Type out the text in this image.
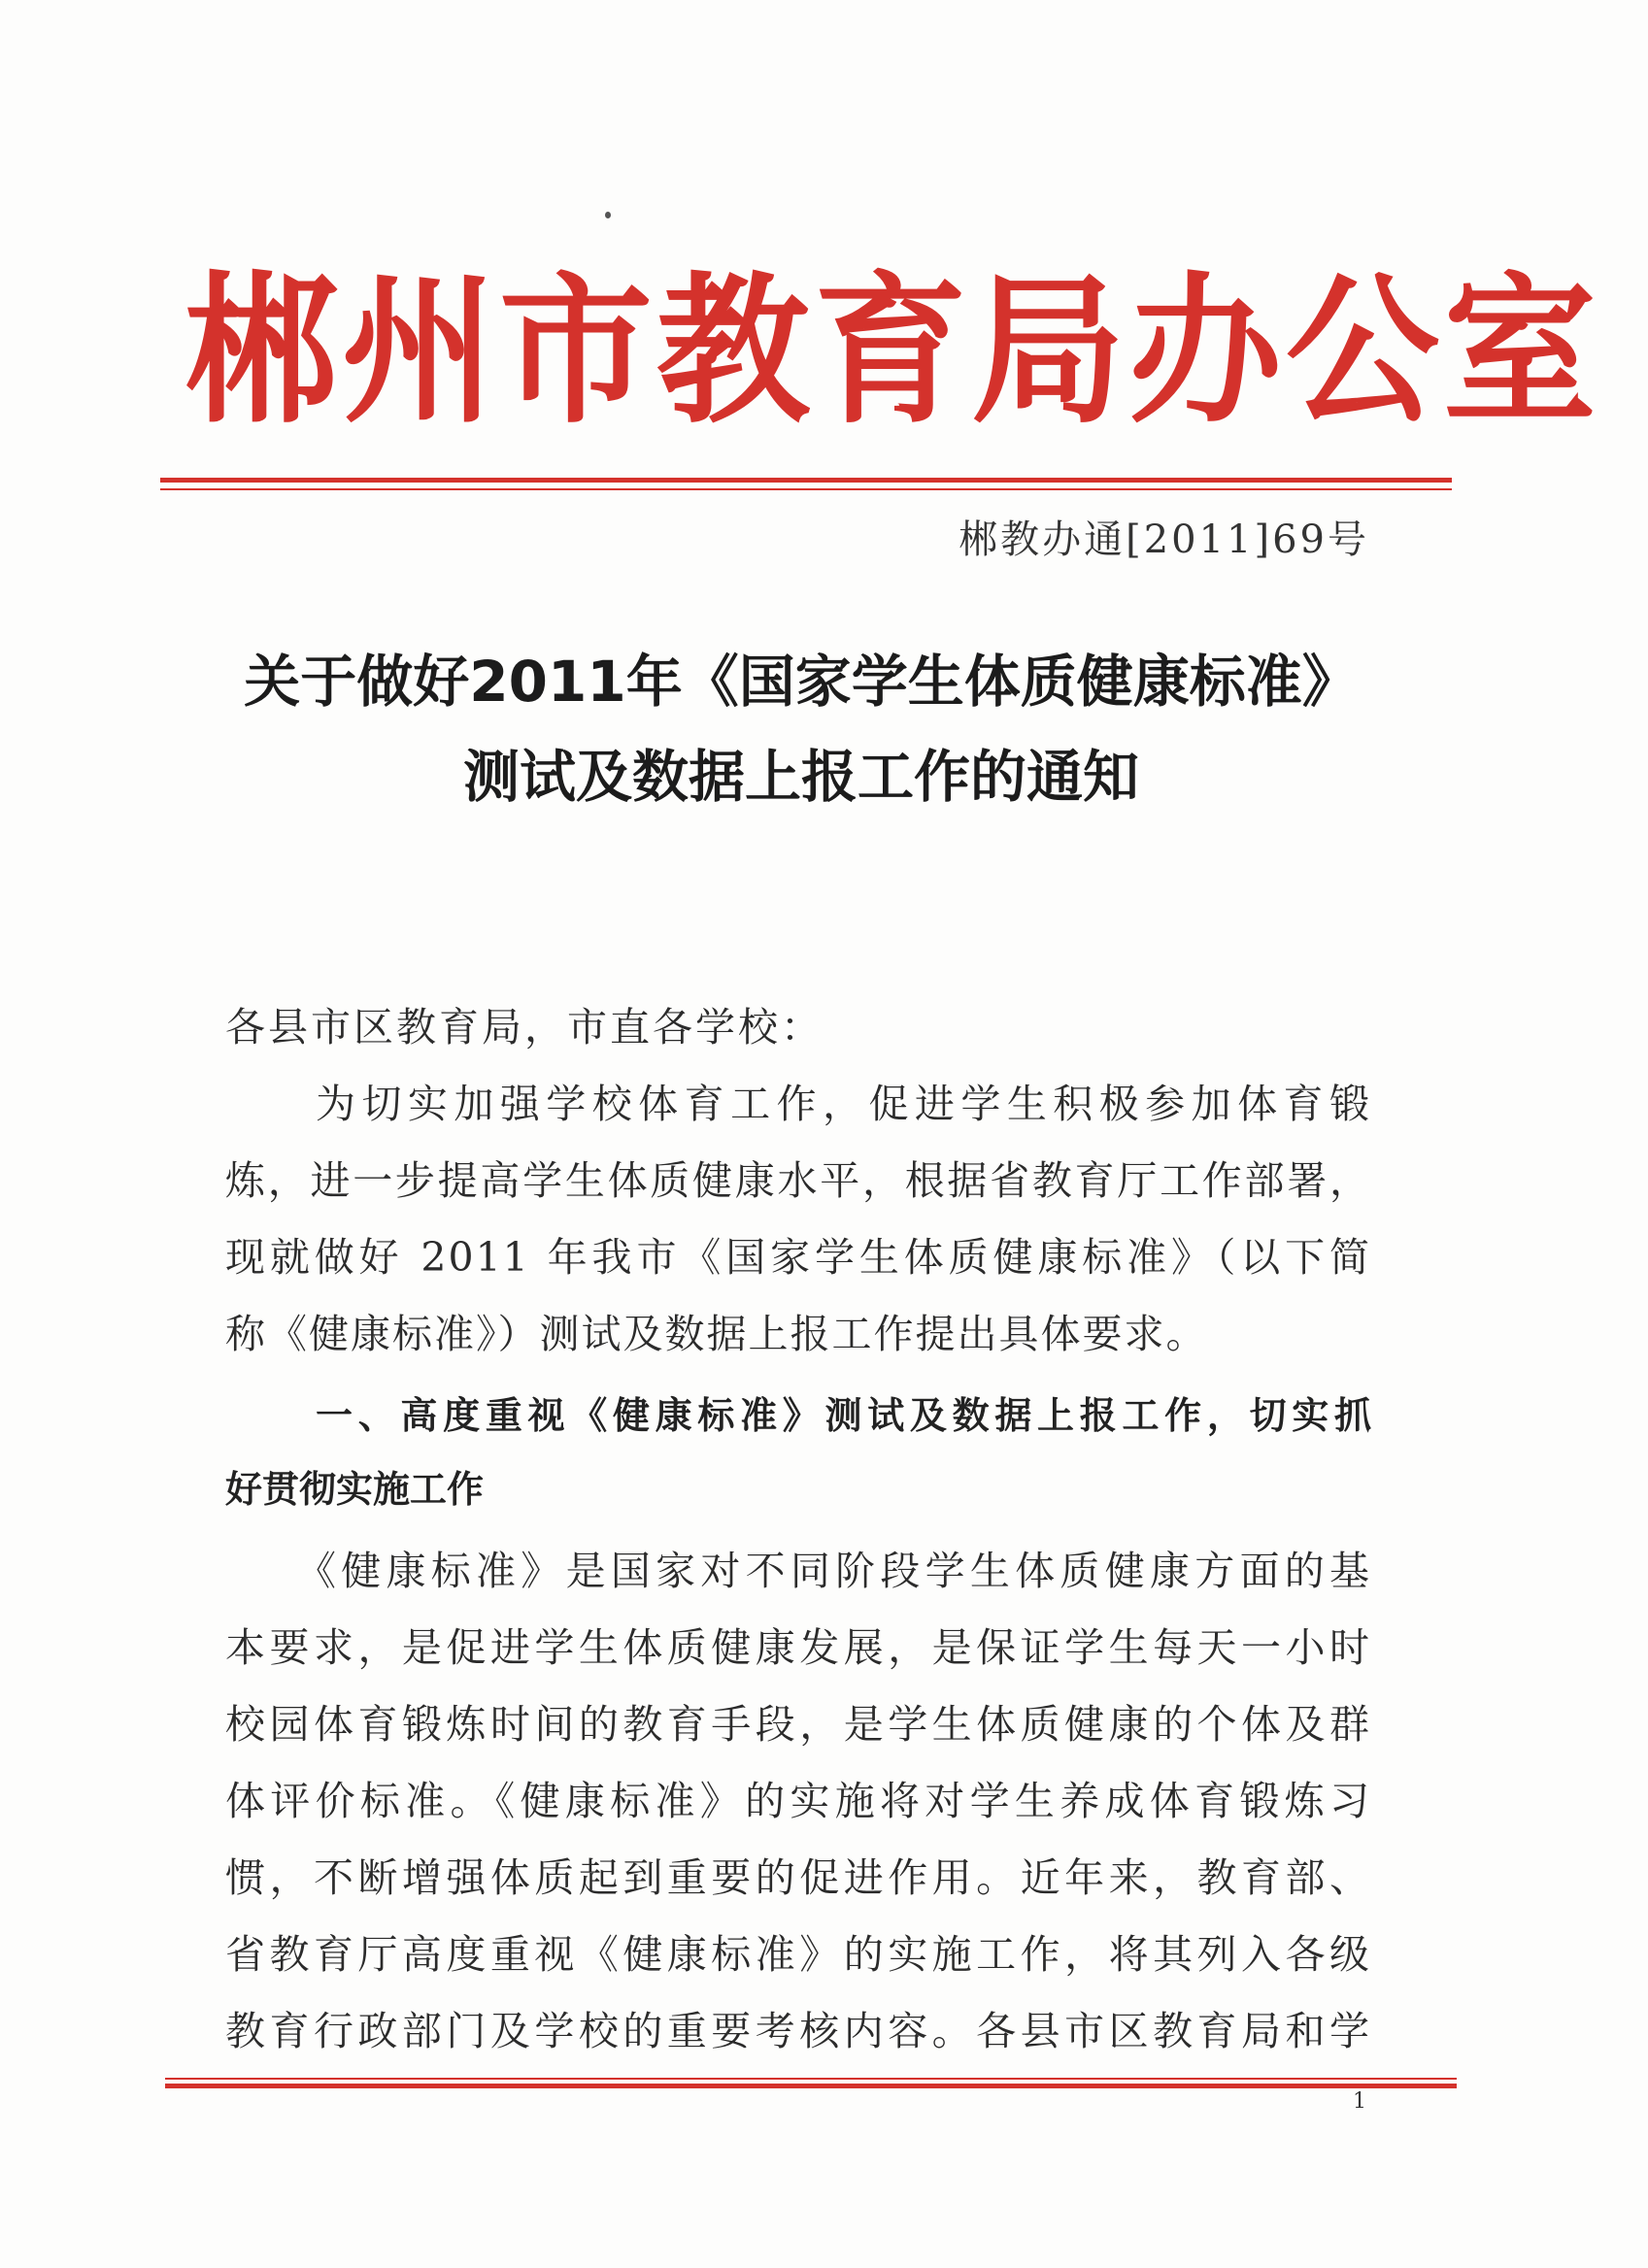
郴州市教育局办公室
郴教办通[2011]69号
关于做好2011年《国家学生体质健康标准》
测试及数据上报工作的通知
各县市区教育局，市直各学校：
为切实加强学校体育工作，促进学生积极参加体育锻
炼，进一步提高学生体质健康水平，根据省教育厅工作部署，
现就做好 2011 年我市《国家学生体质健康标准》（以下简
称《健康标准》）测试及数据上报工作提出具体要求。
一、高度重视《健康标准》测试及数据上报工作，切实抓
好贯彻实施工作
《健康标准》是国家对不同阶段学生体质健康方面的基
本要求，是促进学生体质健康发展，是保证学生每天一小时
校园体育锻炼时间的教育手段，是学生体质健康的个体及群
体评价标准。《健康标准》的实施将对学生养成体育锻炼习
惯，不断增强体质起到重要的促进作用。近年来，教育部、
省教育厅高度重视《健康标准》的实施工作，将其列入各级
教育行政部门及学校的重要考核内容。各县市区教育局和学
1
